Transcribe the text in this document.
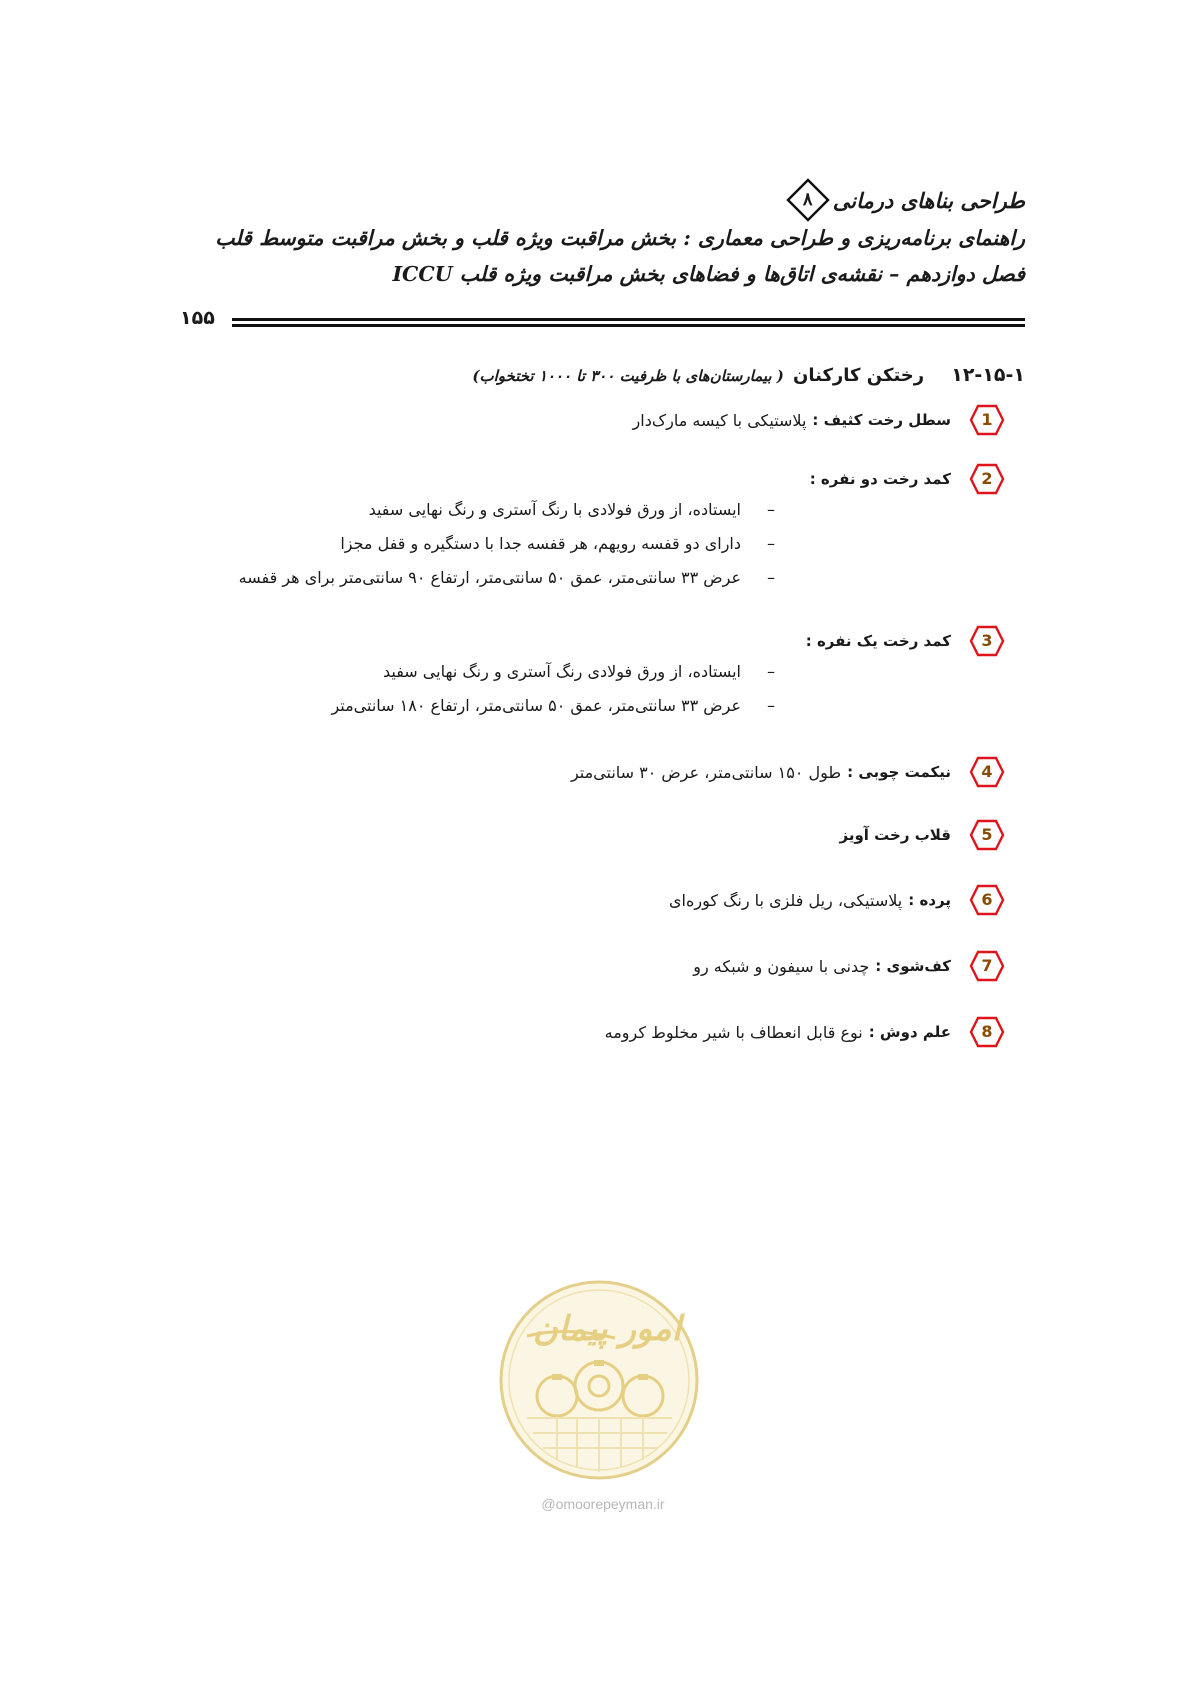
۸ طراحی بناهای درمانی
راهنمای برنامه‌ریزی و طراحی معماری : بخش مراقبت ویژه قلب و بخش مراقبت متوسط قلب
فصل دوازدهم – نقشه‌ی اتاق‌ها و فضاهای بخش مراقبت ویژه قلب ICCU
۱۵۵
۱۲-۱۵-۱ رختکن کارکنان ( بیمارستان‌های با ظرفیت ۳۰۰ تا ۱۰۰۰ تختخواب)
1
سطل رخت کثیف :
پلاستیکی با کیسه مارک‌دار
2
کمد رخت دو نفره :
–ایستاده، از ورق فولادی با رنگ آستری و رنگ نهایی سفید
–دارای دو قفسه رویهم، هر قفسه جدا با دستگیره و قفل مجزا
–عرض ۳۳ سانتی‌متر، عمق ۵۰ سانتی‌متر، ارتفاع ۹۰ سانتی‌متر برای هر قفسه
3
کمد رخت یک نفره :
–ایستاده، از ورق فولادی رنگ آستری و رنگ نهایی سفید
–عرض ۳۳ سانتی‌متر، عمق ۵۰ سانتی‌متر، ارتفاع ۱۸۰ سانتی‌متر
4
نیکمت چوبی :
طول ۱۵۰ سانتی‌متر، عرض ۳۰ سانتی‌متر
5
قلاب رخت آویز
6
پرده :
پلاستیکی، ریل فلزی با رنگ کوره‌ای
7
کف‌شوی :
چدنی با سیفون و شبکه رو
8
علم دوش :
نوع قابل انعطاف با شیر مخلوط کرومه
امور پیمان
@omoorepeyman.ir
